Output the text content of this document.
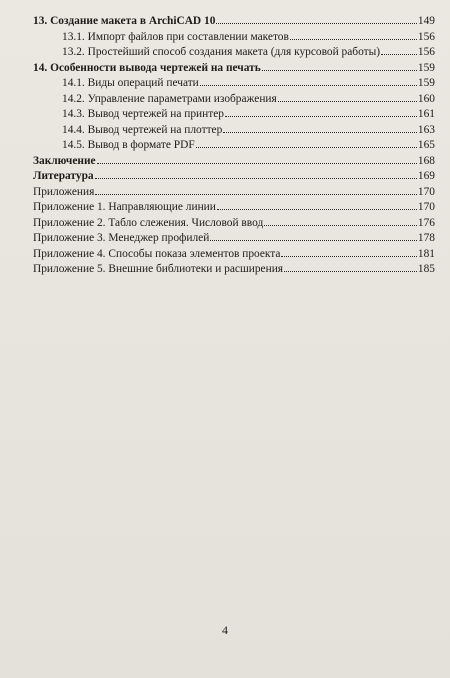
13. Создание макета в ArchiCAD 10	149
13.1. Импорт файлов при составлении макетов	156
13.2. Простейший способ создания макета (для курсовой работы)	156
14. Особенности вывода чертежей на печать	159
14.1. Виды операций печати	159
14.2. Управление параметрами изображения	160
14.3. Вывод чертежей на принтер	161
14.4. Вывод чертежей на плоттер	163
14.5. Вывод в формате PDF	165
Заключение	168
Литература	169
Приложения	170
Приложение 1. Направляющие линии	170
Приложение 2. Табло слежения. Числовой ввод	176
Приложение 3. Менеджер профилей	178
Приложение 4. Способы показа элементов проекта	181
Приложение 5. Внешние библиотеки и расширения	185
4
